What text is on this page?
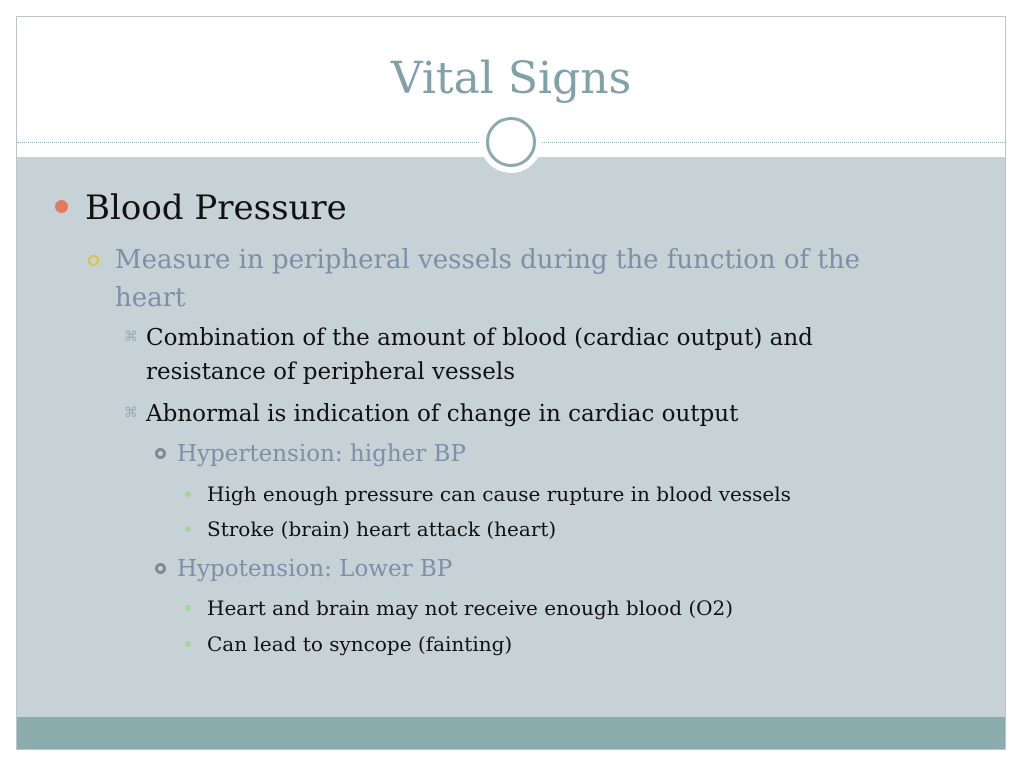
Vital Signs
Blood Pressure
Measure in peripheral vessels during the function of the heart
⌘ Combination of the amount of blood (cardiac output) and resistance of peripheral vessels
⌘ Abnormal is indication of change in cardiac output
Hypertension: higher BP
High enough pressure can cause rupture in blood vessels
Stroke (brain) heart attack (heart)
Hypotension: Lower BP
Heart and brain may not receive enough blood (O2)
Can lead to syncope (fainting)
